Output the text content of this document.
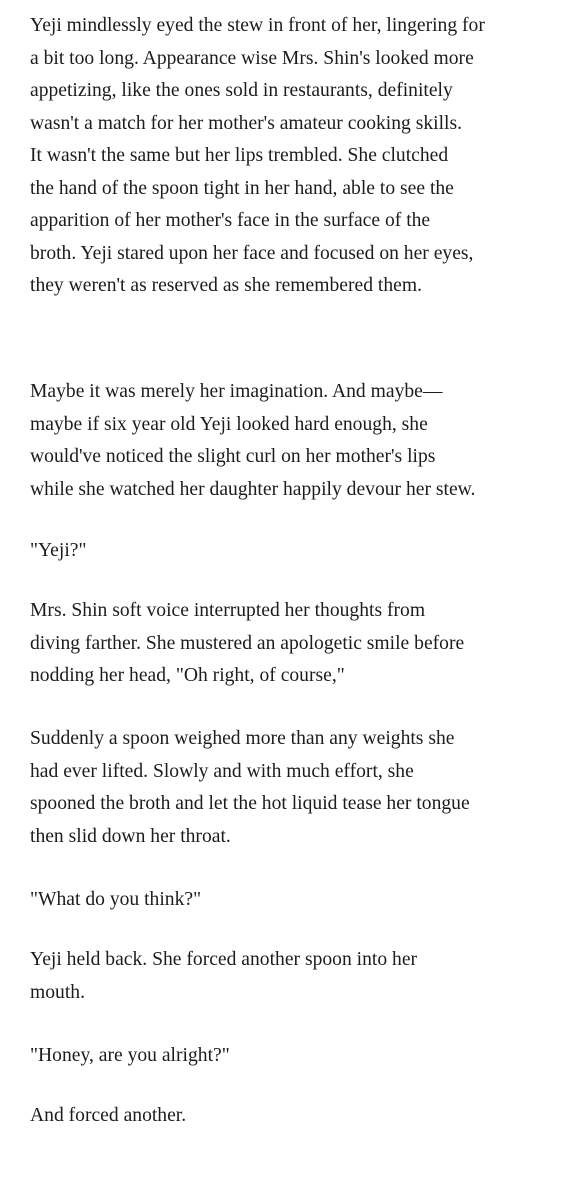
Yeji mindlessly eyed the stew in front of her, lingering for
a bit too long. Appearance wise Mrs. Shin's looked more
appetizing, like the ones sold in restaurants, definitely
wasn't a match for her mother's amateur cooking skills.
It wasn't the same but her lips trembled. She clutched
the hand of the spoon tight in her hand, able to see the
apparition of her mother's face in the surface of the
broth. Yeji stared upon her face and focused on her eyes,
they weren't as reserved as she remembered them.

Maybe it was merely her imagination. And maybe—
maybe if six year old Yeji looked hard enough, she
would've noticed the slight curl on her mother's lips
while she watched her daughter happily devour her stew.

"Yeji?"

Mrs. Shin soft voice interrupted her thoughts from
diving farther. She mustered an apologetic smile before
nodding her head, "Oh right, of course,"

Suddenly a spoon weighed more than any weights she
had ever lifted. Slowly and with much effort, she
spooned the broth and let the hot liquid tease her tongue
then slid down her throat.

"What do you think?"

Yeji held back. She forced another spoon into her
mouth.

"Honey, are you alright?"

And forced another.
